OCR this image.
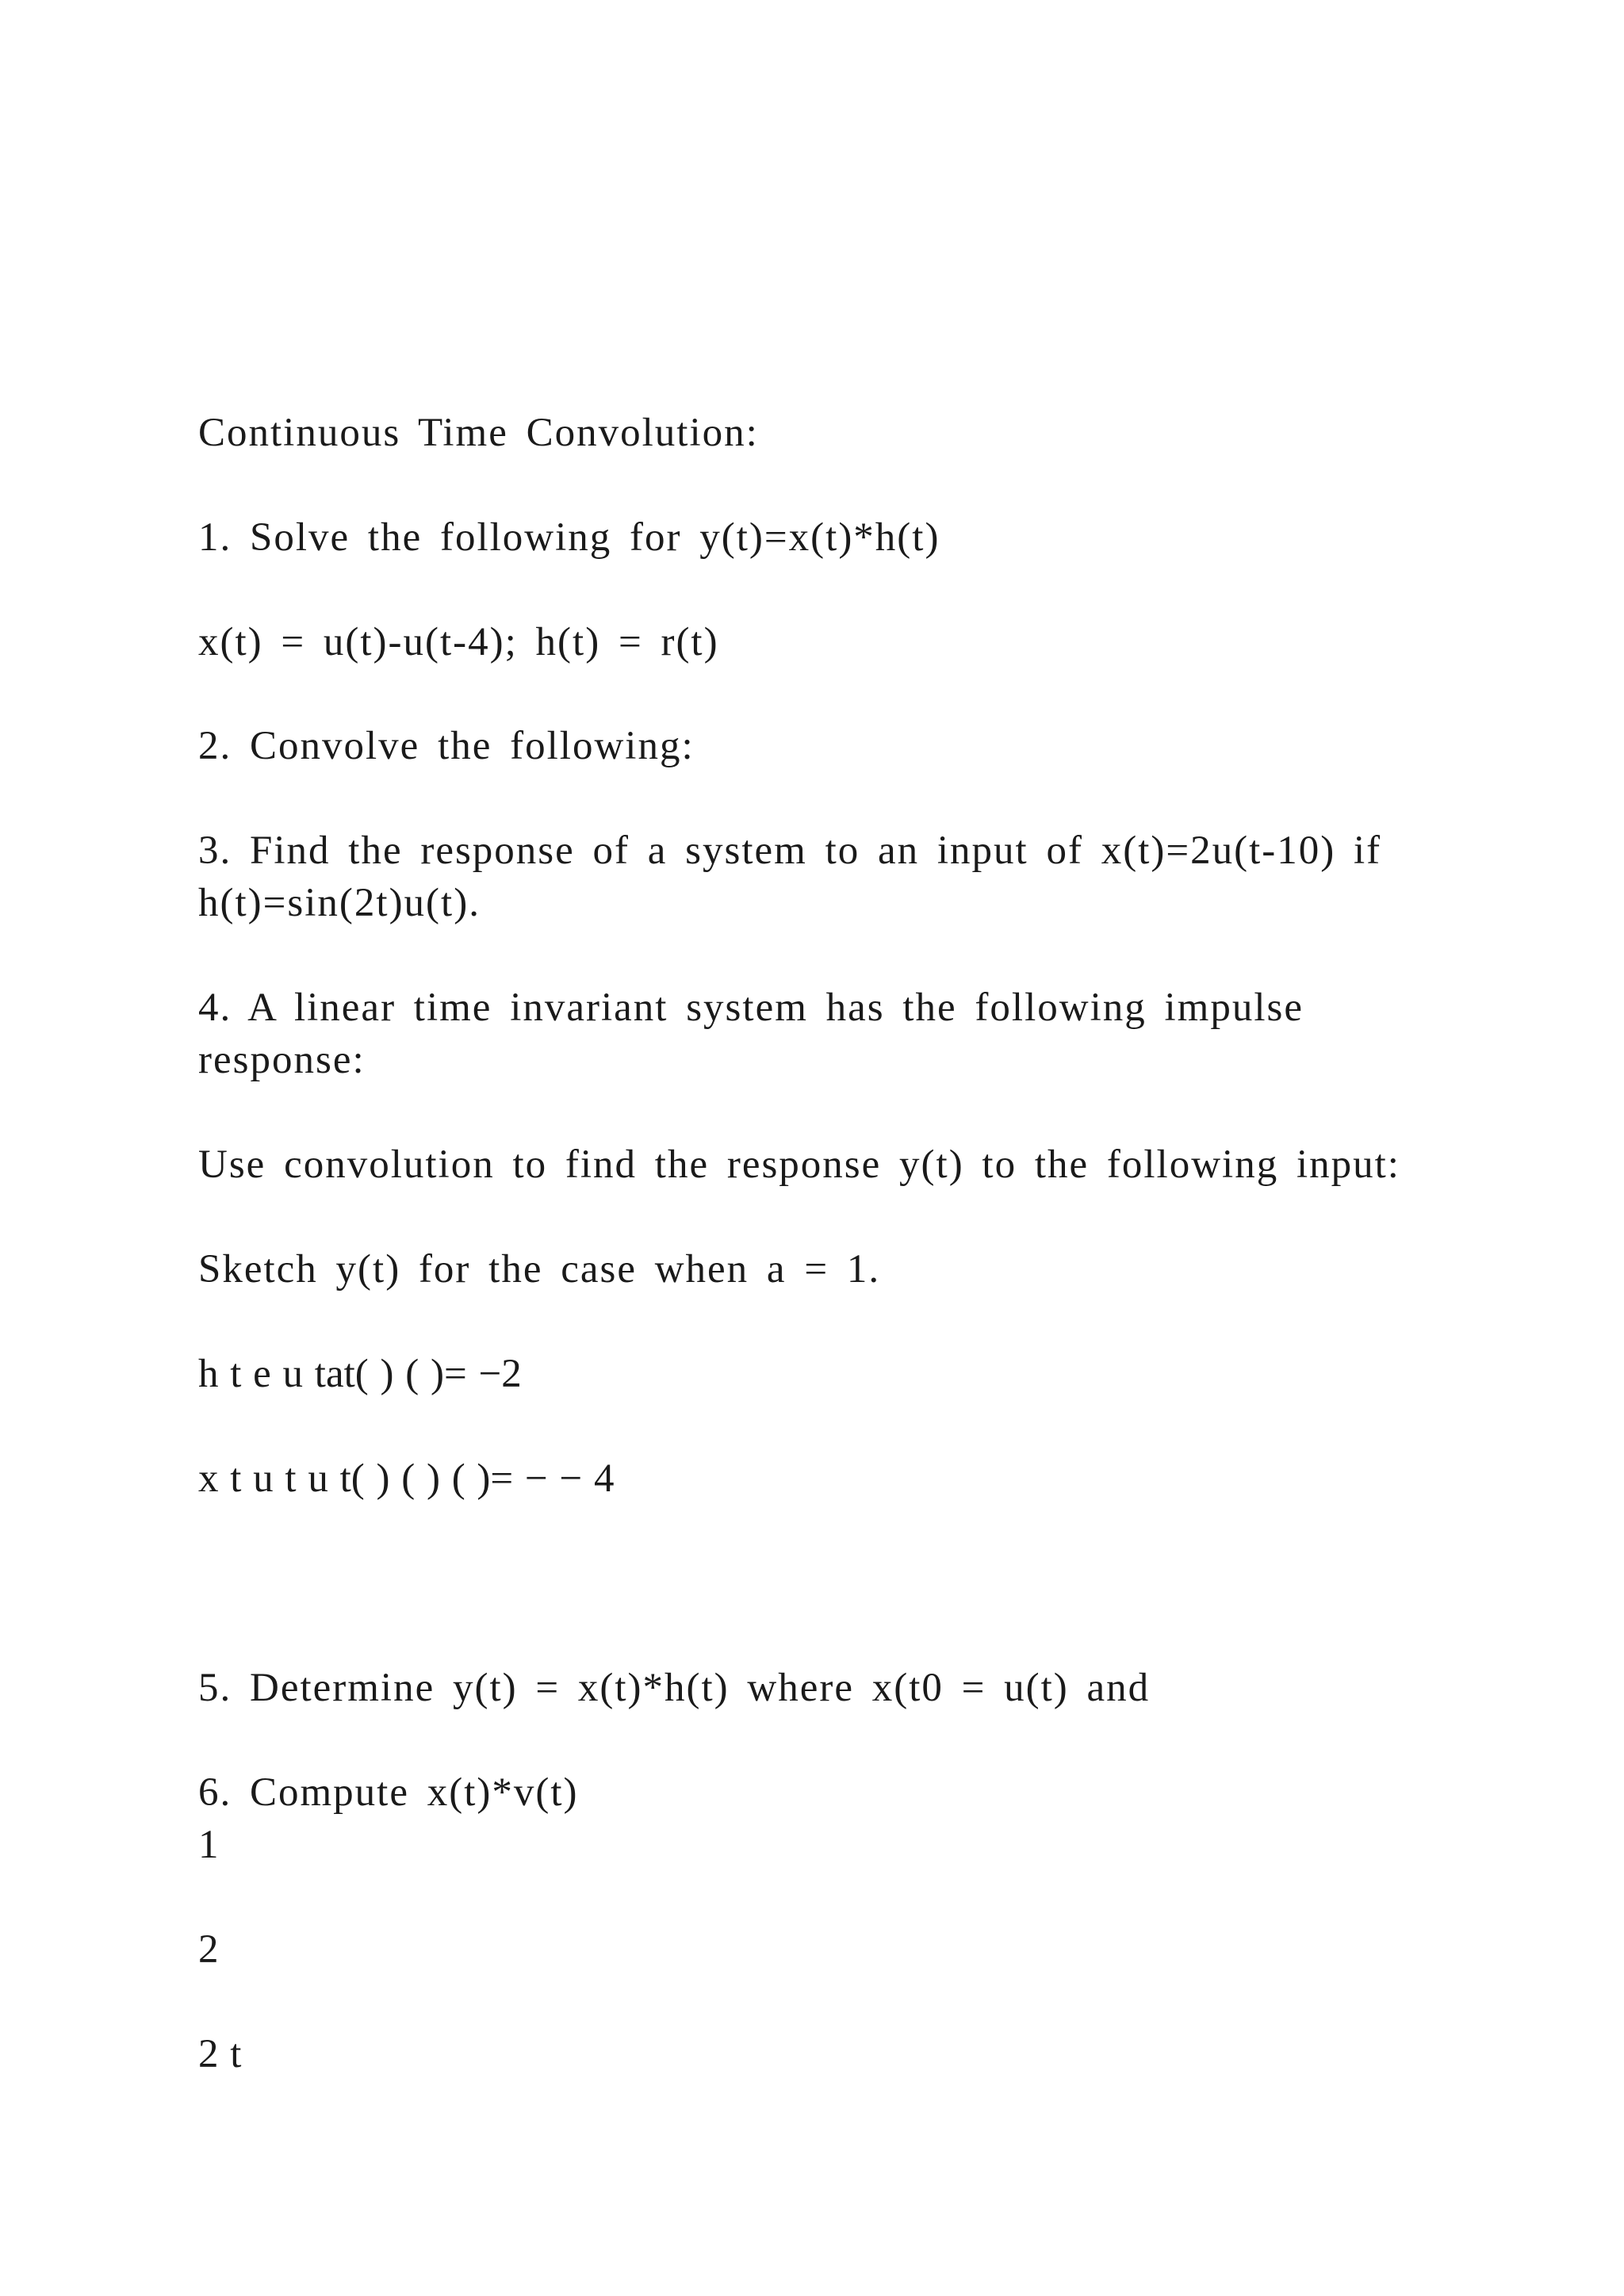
Continuous Time Convolution:
1. Solve the following for y(t)=x(t)*h(t)
x(t) = u(t)-u(t-4); h(t) = r(t)
2. Convolve the following:
3. Find the response of a system to an input of x(t)=2u(t-10) if
h(t)=sin(2t)u(t).
4. A linear time invariant system has the following impulse
response:
Use convolution to find the response y(t) to the following input:
Sketch y(t) for the case when a = 1.
h t e u tat( ) ( )= −2
x t u t u t( ) ( ) ( )= − − 4
5. Determine y(t) = x(t)*h(t) where x(t0 = u(t) and
6. Compute x(t)*v(t)
1
2
2 t
